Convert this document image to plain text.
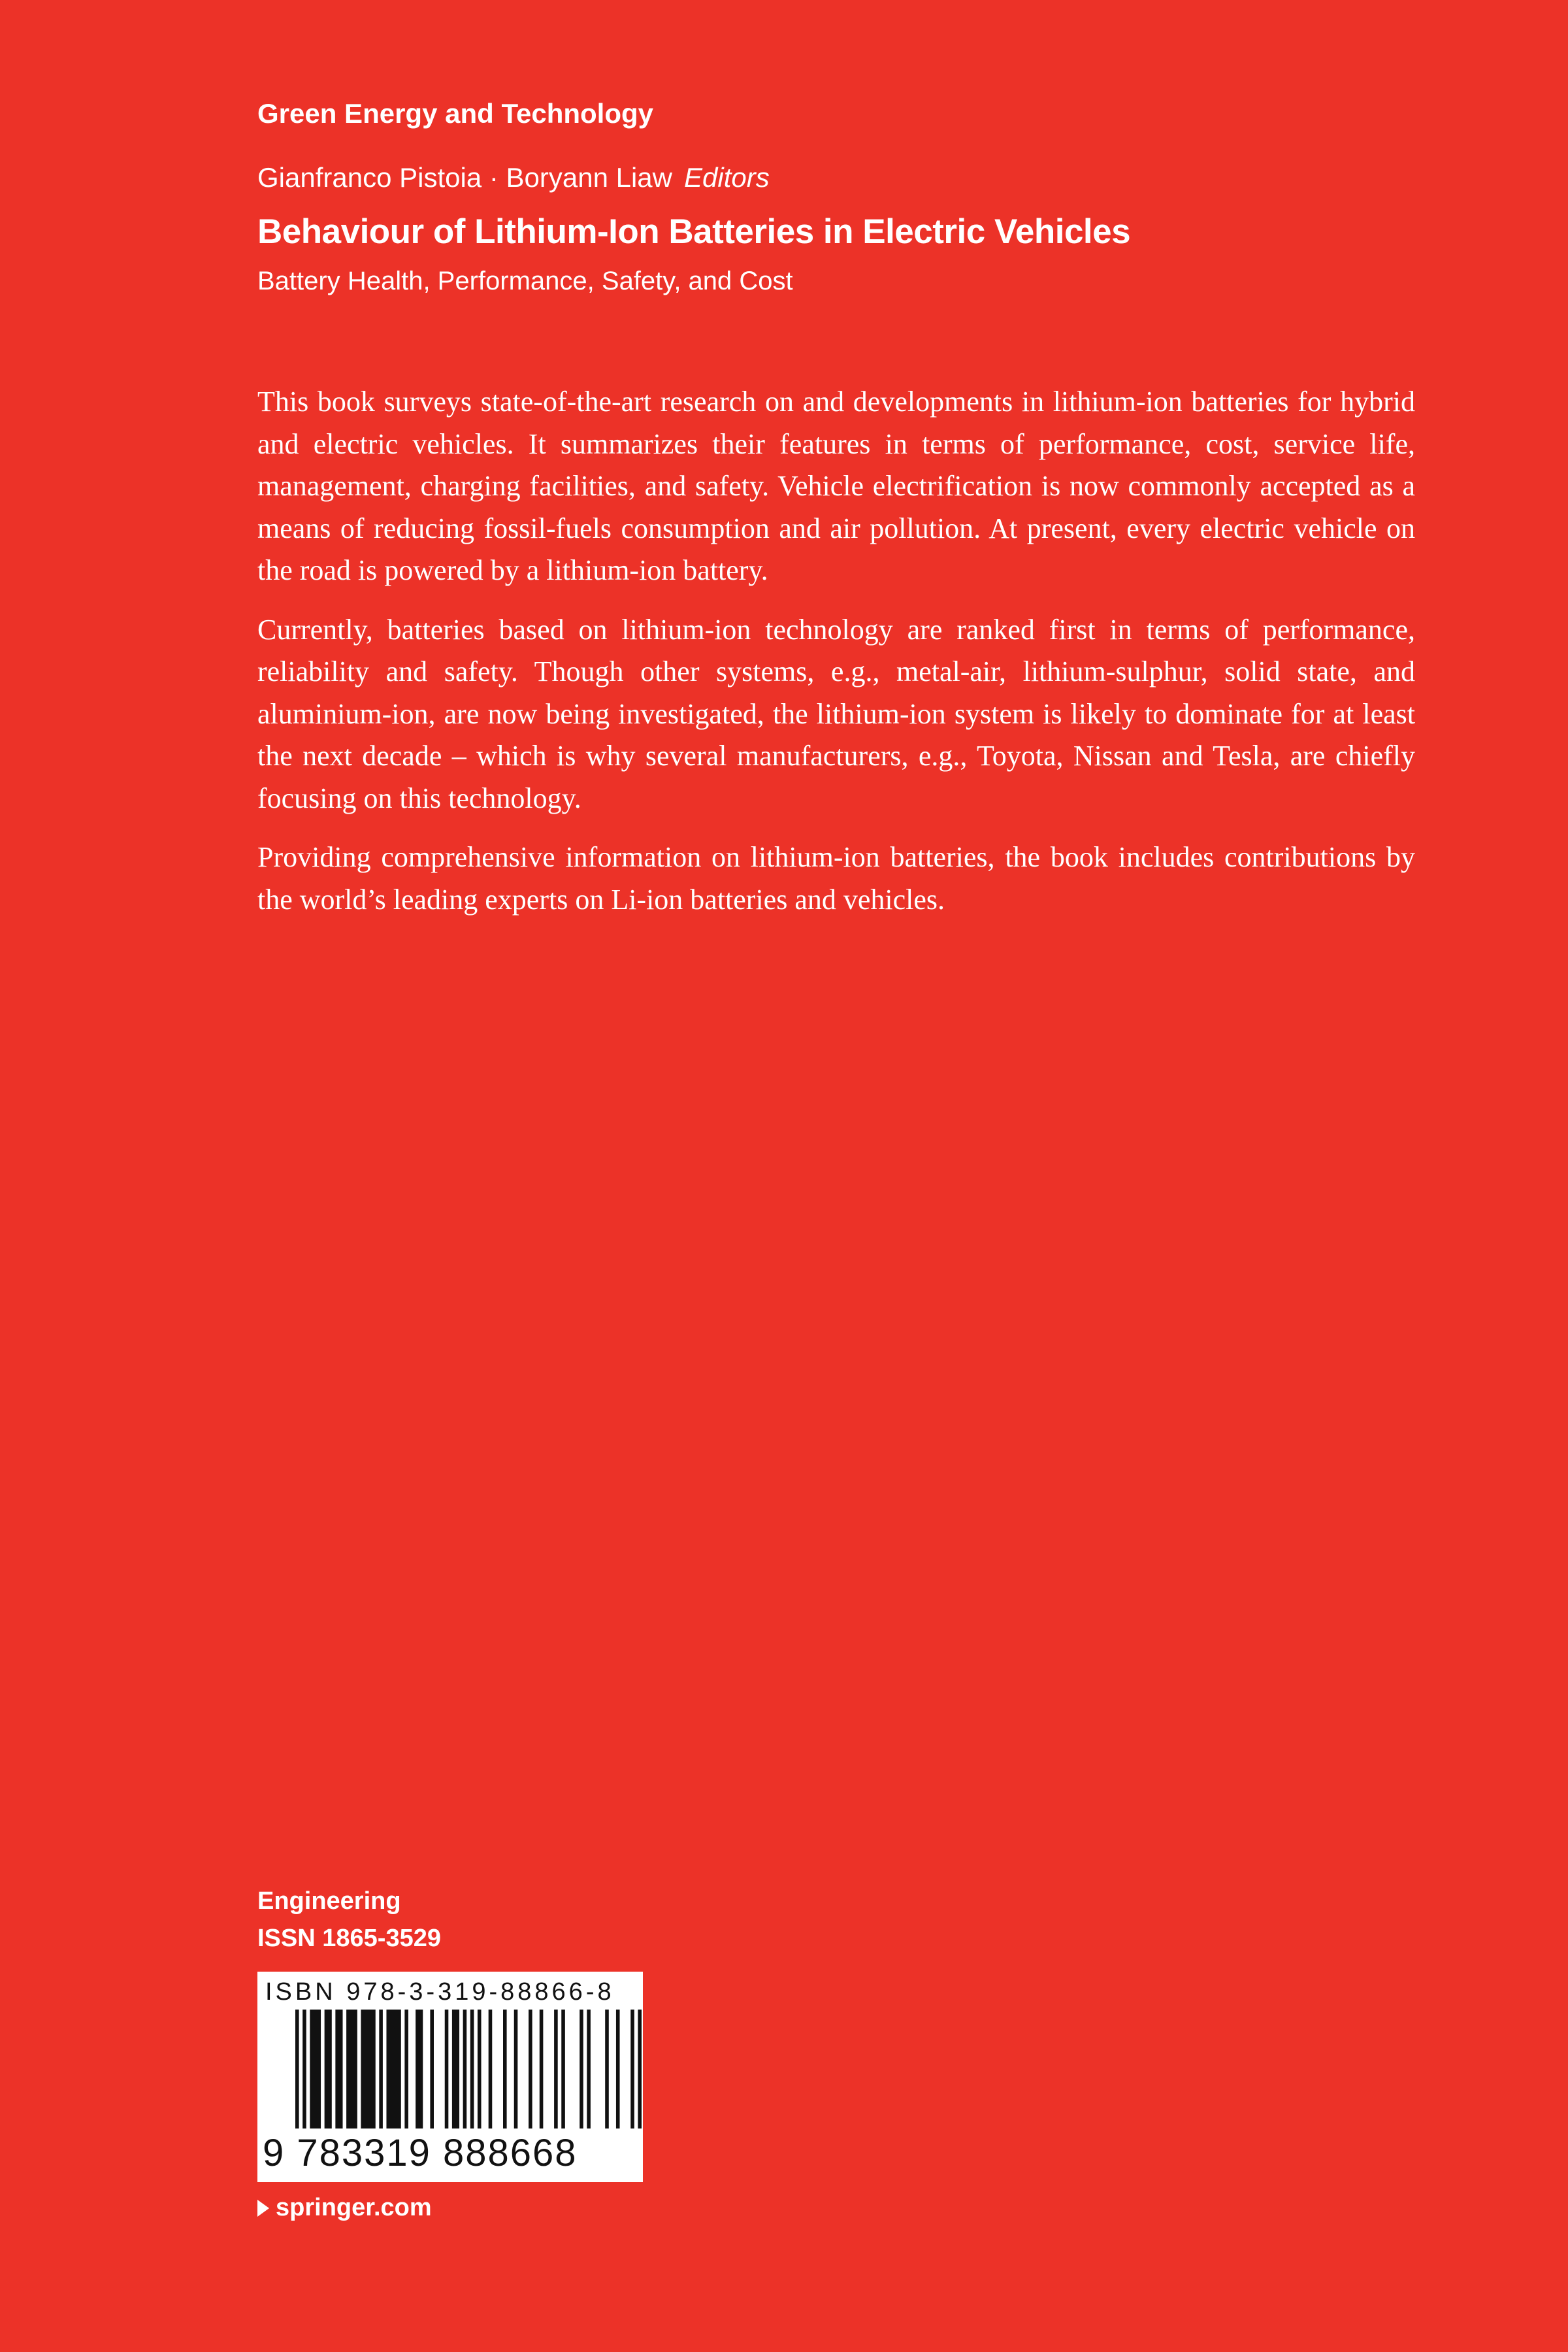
Green Energy and Technology
Gianfranco Pistoia · Boryann Liaw Editors
Behaviour of Lithium-Ion Batteries in Electric Vehicles
Battery Health, Performance, Safety, and Cost

This book surveys state-of-the-art research on and developments in lithium-ion batteries for hybrid and electric vehicles. It summarizes their features in terms of performance, cost, service life, management, charging facilities, and safety. Vehicle electrification is now commonly accepted as a means of reducing fossil-fuels consumption and air pollution. At present, every electric vehicle on the road is powered by a lithium-ion battery.

Currently, batteries based on lithium-ion technology are ranked first in terms of performance, reliability and safety. Though other systems, e.g., metal-air, lithium-sulphur, solid state, and aluminium-ion, are now being investigated, the lithium-ion system is likely to dominate for at least the next decade – which is why several manufacturers, e.g., Toyota, Nissan and Tesla, are chiefly focusing on this technology.

Providing comprehensive information on lithium-ion batteries, the book includes contributions by the world’s leading experts on Li-ion batteries and vehicles.

Engineering
ISSN 1865-3529
ISBN 978-3-319-88866-8
9 783319 888668
springer.com
